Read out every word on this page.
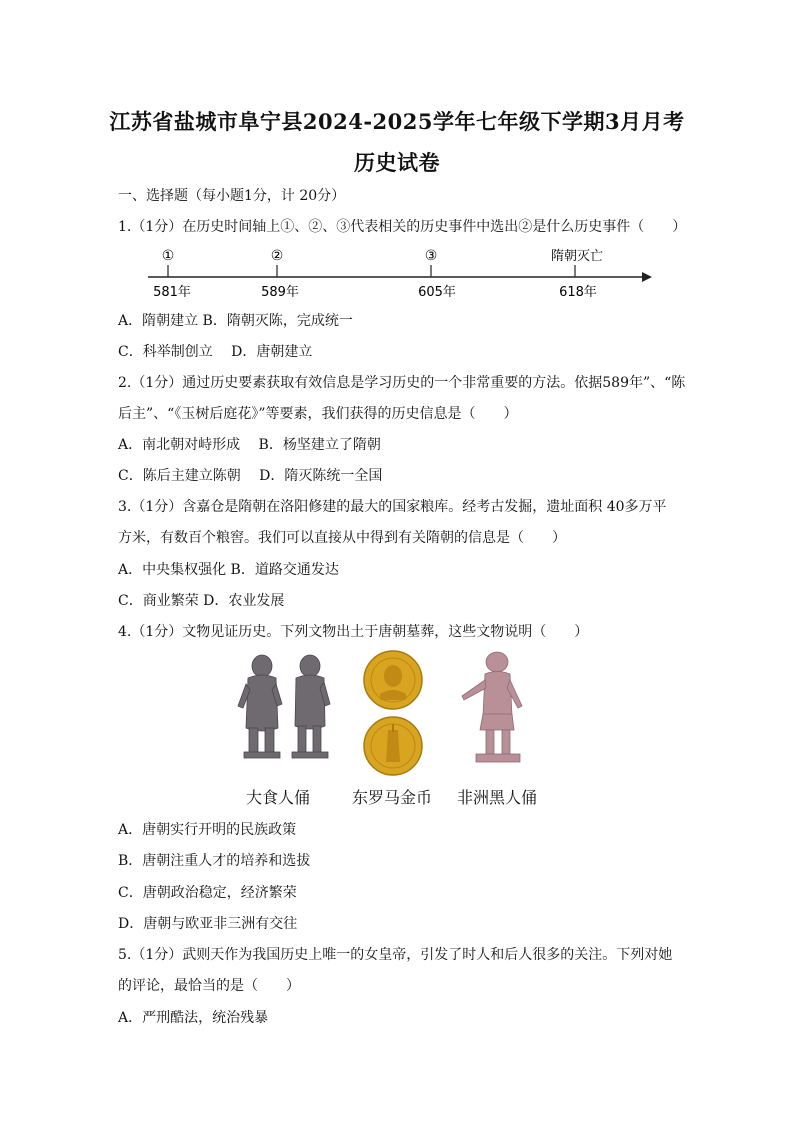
江苏省盐城市阜宁县2024-2025学年七年级下学期3月月考
历史试卷
一、选择题（每小题1分，计 20分）
1.（1分）在历史时间轴上①、②、③代表相关的历史事件中选出②是什么历史事件（　　）
①
581年
②
589年
③
605年
隋朝灭亡
618年
A．隋朝建立 B．隋朝灭陈，完成统一
C．科举制创立　 D．唐朝建立
2.（1分）通过历史要素获取有效信息是学习历史的一个非常重要的方法。依据589年”、“陈
后主”、“《玉树后庭花》”等要素，我们获得的历史信息是（　　）
A．南北朝对峙形成　 B．杨坚建立了隋朝
C．陈后主建立陈朝　 D．隋灭陈统一全国
3.（1分）含嘉仓是隋朝在洛阳修建的最大的国家粮库。经考古发掘，遗址面积 40多万平
方米，有数百个粮窖。我们可以直接从中得到有关隋朝的信息是（　　）
A．中央集权强化 B．道路交通发达
C．商业繁荣 D．农业发展
4.（1分）文物见证历史。下列文物出土于唐朝墓葬，这些文物说明（　　）
大食人俑	东罗马金币 非洲黑人俑
A．唐朝实行开明的民族政策
B．唐朝注重人才的培养和选拔
C．唐朝政治稳定，经济繁荣
D．唐朝与欧亚非三洲有交往
5.（1分）武则天作为我国历史上唯一的女皇帝，引发了时人和后人很多的关注。下列对她
的评论，最恰当的是（　　）
A．严刑酷法，统治残暴
